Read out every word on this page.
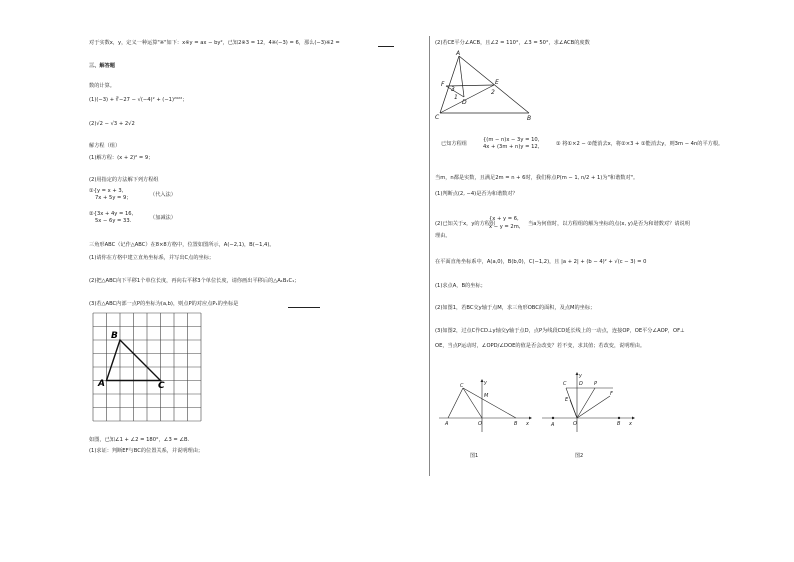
对于实数x，y，定义一种运算"※"如下：x※y = ax − by²，已知2※3 = 12，4※(−3) = 6，那么(−3)※2 =
三、解答题
数的计算。
(1)(−3) + ∛−27 − √(−4)² + (−1)²⁰²²；
(2)√2 − √3 + 2√2
解方程（组）
(1)解方程：(x + 2)² = 9；
(2)用指定的方法解下列方程组
①{y = x + 3,
7x + 5y = 9；	（代入法）
②{3x + 4y = 16,
5x − 6y = 33.	（加减法）
三角形ABC（记作△ABC）在8×8方格中，位置如图所示，A(−2,1)，B(−1,4)。
(1)请你在方格中建立直角坐标系，并写出C点的坐标；
(2)把△ABC向下平移1个单位长度，再向右平移3个单位长度，请你画出平移后的△A₁B₁C₁；
(3)若△ABC内部一点P的坐标为(a,b)，则点P的对应点P₁的坐标是
B
A	C
如图，已知∠1 + ∠2 = 180°，∠3 = ∠B.
(1)求证：判断EF与BC的位置关系，并说明理由；
(2)若CE平分∠ACB，且∠2 = 110°，∠3 = 50°，求∠ACB的度数
A
F	E
3
1
D
2
C	B
已知方程组
{(m − n)x − 3y = 10,
4x + (3m + n)y = 12,	① 将①×2 − ②能消去x，将②×3 + ①能消去y，则3m − 4n的平方根。
当m，n都是实数，且满足2m = n + 6时，我们称点P(m − 1, n/2 + 1)为"和谐数对"。
(1)判断点(2, −4)是否为和谐数对？
(2)已知关于x，y的方程组
{x + y = 6,
x − y = 2m, 当a为何值时，以方程组的解为坐标的点(x, y)是否为和谐数对？请说明
理由。
在平面直角坐标系中，A(a,0)，B(b,0)，C(−1,2)，且 |a + 2| + (b − 4)² + √(c − 3) = 0
(1)求点A，B的坐标；
(2)如图1，若BC交y轴于点M，求三角形OBC的面积，及点M的坐标；
(3)如图2，过点C作CD⊥y轴交y轴于点D，点P为线段CD延长线上的一动点，连接OP，OE平分∠AOP，OF⊥
OE，当点P运动时，∠OPD/∠DOE的值是否会改变？若不变，求其值；若改变，说明理由。
y
C
M
A	O	B x
图1
y
C	D P
E
F
A	O	B x
图2
